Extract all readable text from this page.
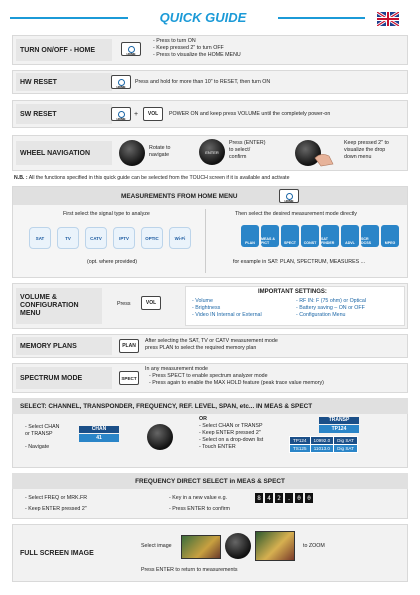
QUICK GUIDE
TURN ON/OFF - HOME
HOME
- Press to turn ON
- Keep pressed 2" to turn OFF
- Press to visualize the HOME MENU
HW RESET
HOME
Press and hold for more than 10" to RESET, then turn ON
SW RESET
HOME
+	VOL	POWER ON and keep press VOLUME until the completely power-on
WHEEL NAVIGATION
Rotate to
navigate	ENTER
Press (ENTER)
to select/
confirm
Keep pressed 2" to
visualize the drop
down menu
N.B. : All the functions specified in this quick guide can be selected from the TOUCH screen if it is available and activate
MEASUREMENTS FROM HOME MENU
HOME
First select the signal type to analyze
SAT	TV	CATV	IPTV	OPTIC	Wi-Fi
(opt. where provided)
Then select the desired measurement mode directly
PLAN
MEAS & PICT	SPECT	CONST
SAT FINDER	ADVL
SCR DCSS	MPEG
for example in SAT: PLAN, SPECTRUM, MEASURES ...
VOLUME & CONFIGURATION MENU
Press	VOL
IMPORTANT SETTINGS:
- Volume
- Brightness
- Video IN Internal or External
- RF IN: F (75 ohm) or Optical
- Battery saving – ON or OFF
- Configuration Menu
MEMORY PLANS	PLAN
After selecting the SAT, TV or CATV measurement mode
press PLAN to select the required memory plan
SPECTRUM MODE	SPECT
In any measurement mode
- Press SPECT to enable spectrum analyzer mode
- Press again to enable the MAX HOLD feature (peak trace value memory)
SELECT: CHANNEL, TRANSPONDER, FREQUENCY, REF. LEVEL, SPAN, etc... IN MEAS & SPECT
- Select CHAN
or TRANSP
- Navigate
CHAN
41
OR
- Select CHAN or TRANSP
- Keep ENTER pressed 2"
- Select on a drop-down list
- Touch ENTER
TRANSP
TP124
TP124	10992.0	Dig SAT
TS125	11013.0	Dig SAT
FREQUENCY DIRECT SELECT in MEAS & SPECT
- Select FREQ or MRK.FR
- Keep ENTER pressed 2"
- Key in a new value e.g.
- Press ENTER to confirm
8	4	2	.	0	0
FULL SCREEN IMAGE
Select image	to ZOOM
Press ENTER to return to measurements
